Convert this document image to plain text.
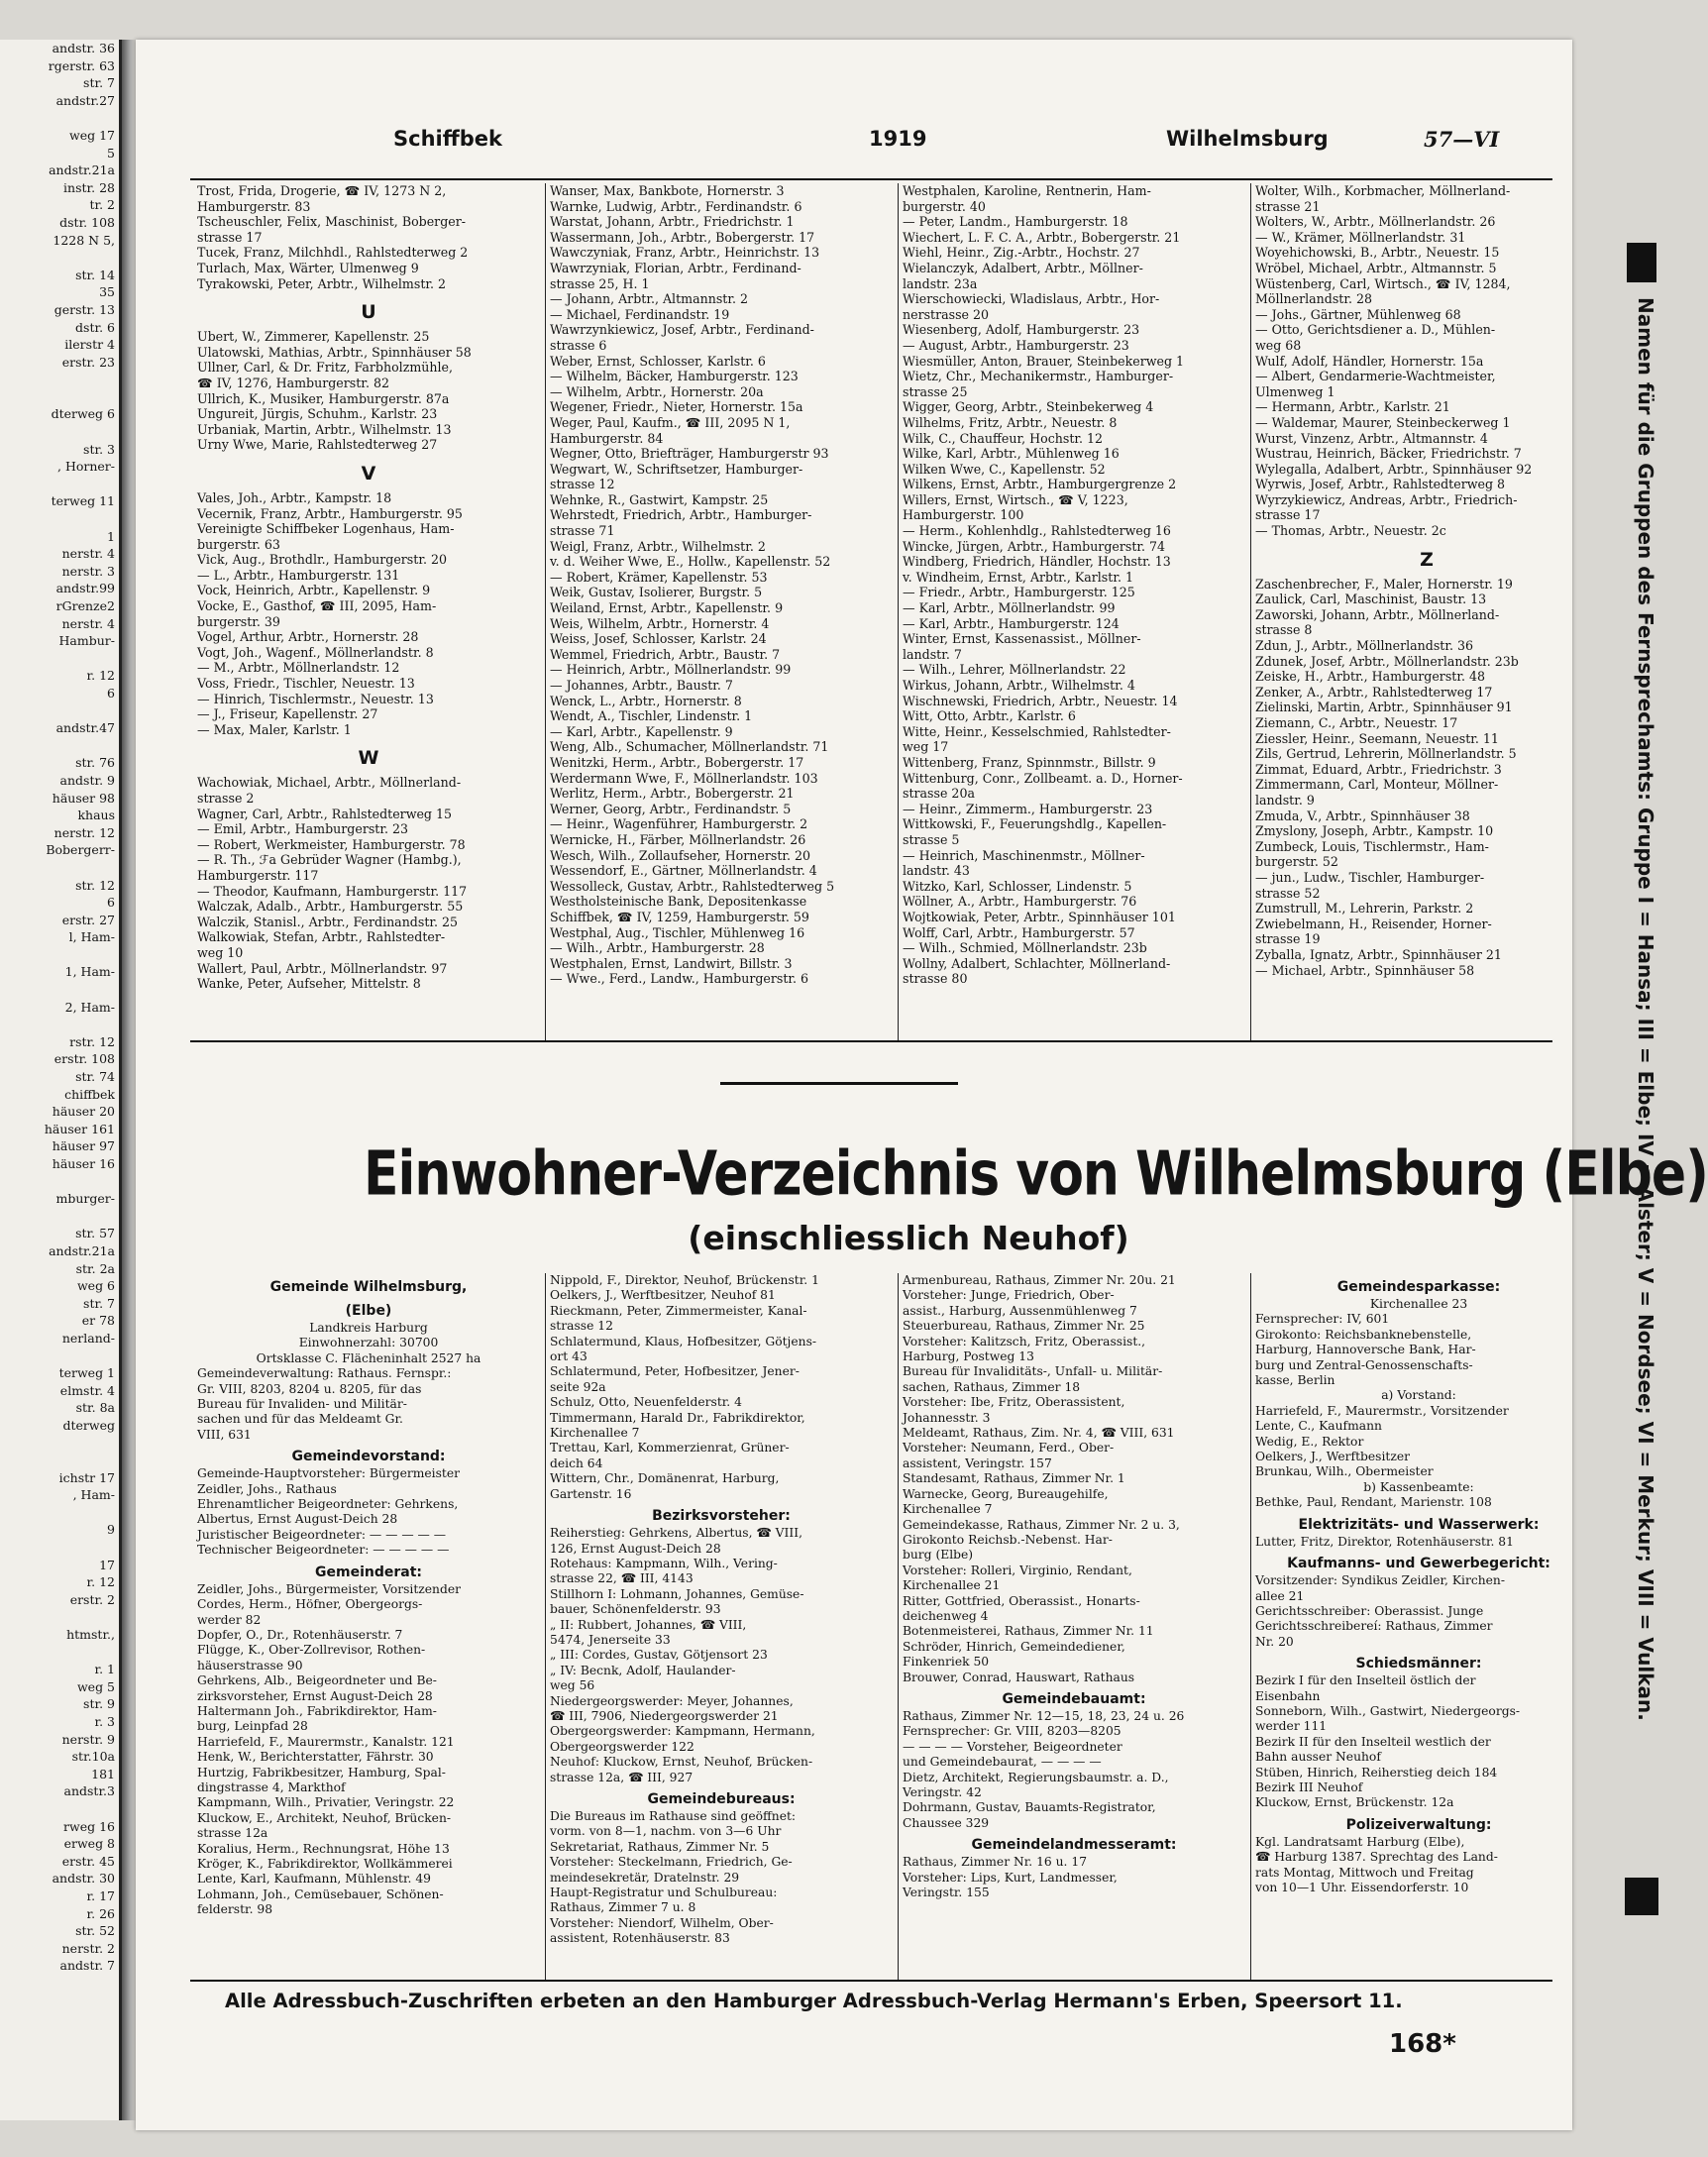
andstr. 36
rgerstr. 63
str. 7
andstr.27

weg 17
5
andstr.21a
instr. 28
tr. 2
dstr. 108
1228 N 5,

str. 14
35
gerstr. 13
dstr. 6
ilerstr 4
erstr. 23

dterweg 6

str. 3
, Horner-

terweg 11

1
nerstr. 4
nerstr. 3
andstr.99
rGrenze2
nerstr. 4
Hambur-

r. 12
6

andstr.47

str. 76
andstr. 9
häuser 98
khaus
nerstr. 12
Bobergerr-

str. 12
6
erstr. 27
l, Ham-

1, Ham-

2, Ham-

rstr. 12
erstr. 108
str. 74
chiffbek
häuser 20
häuser 161
häuser 97
häuser 16

mburger-

str. 57
andstr.21a
str. 2a
weg 6
str. 7
er 78
nerland-

terweg 1
elmstr. 4
str. 8a
dterweg

ichstr 17
, Ham-

9

17
r. 12
erstr. 2

htmstr.,

r. 1
weg 5
str. 9
r. 3
nerstr. 9
str.10a
181
andstr.3

rweg 16
erweg 8
erstr. 45
andstr. 30
r. 17
r. 26
str. 52
nerstr. 2
andstr. 7
Schiffbek	1919	Wilhelmsburg	57—VI
Trost, Frida, Drogerie, ☎ IV, 1273 N 2,
Hamburgerstr. 83
Tscheuschler, Felix, Maschinist, Boberger-
strasse 17
Tucek, Franz, Milchhdl., Rahlstedterweg 2
Turlach, Max, Wärter, Ulmenweg 9
Tyrakowski, Peter, Arbtr., Wilhelmstr. 2
U
Ubert, W., Zimmerer, Kapellenstr. 25
Ulatowski, Mathias, Arbtr., Spinnhäuser 58
Ullner, Carl, & Dr. Fritz, Farbholzmühle,
☎ IV, 1276, Hamburgerstr. 82
Ullrich, K., Musiker, Hamburgerstr. 87a
Ungureit, Jürgis, Schuhm., Karlstr. 23
Urbaniak, Martin, Arbtr., Wilhelmstr. 13
Urny Wwe, Marie, Rahlstedterweg 27
V
Vales, Joh., Arbtr., Kampstr. 18
Vecernik, Franz, Arbtr., Hamburgerstr. 95
Vereinigte Schiffbeker Logenhaus, Ham-
burgerstr. 63
Vick, Aug., Brothdlr., Hamburgerstr. 20
— L., Arbtr., Hamburgerstr. 131
Vock, Heinrich, Arbtr., Kapellenstr. 9
Vocke, E., Gasthof, ☎ III, 2095, Ham-
burgerstr. 39
Vogel, Arthur, Arbtr., Hornerstr. 28
Vogt, Joh., Wagenf., Möllnerlandstr. 8
— M., Arbtr., Möllnerlandstr. 12
Voss, Friedr., Tischler, Neuestr. 13
— Hinrich, Tischlermstr., Neuestr. 13
— J., Friseur, Kapellenstr. 27
— Max, Maler, Karlstr. 1
W
Wachowiak, Michael, Arbtr., Möllnerland-
strasse 2
Wagner, Carl, Arbtr., Rahlstedterweg 15
— Emil, Arbtr., Hamburgerstr. 23
— Robert, Werkmeister, Hamburgerstr. 78
— R. Th., ℱa Gebrüder Wagner (Hambg.),
Hamburgerstr. 117
— Theodor, Kaufmann, Hamburgerstr. 117
Walczak, Adalb., Arbtr., Hamburgerstr. 55
Walczik, Stanisl., Arbtr., Ferdinandstr. 25
Walkowiak, Stefan, Arbtr., Rahlstedter-
weg 10
Wallert, Paul, Arbtr., Möllnerlandstr. 97
Wanke, Peter, Aufseher, Mittelstr. 8
Wanser, Max, Bankbote, Hornerstr. 3
Warnke, Ludwig, Arbtr., Ferdinandstr. 6
Warstat, Johann, Arbtr., Friedrichstr. 1
Wassermann, Joh., Arbtr., Bobergerstr. 17
Wawczyniak, Franz, Arbtr., Heinrichstr. 13
Wawrzyniak, Florian, Arbtr., Ferdinand-
strasse 25, H. 1
— Johann, Arbtr., Altmannstr. 2
— Michael, Ferdinandstr. 19
Wawrzynkiewicz, Josef, Arbtr., Ferdinand-
strasse 6
Weber, Ernst, Schlosser, Karlstr. 6
— Wilhelm, Bäcker, Hamburgerstr. 123
— Wilhelm, Arbtr., Hornerstr. 20a
Wegener, Friedr., Nieter, Hornerstr. 15a
Weger, Paul, Kaufm., ☎ III, 2095 N 1,
Hamburgerstr. 84
Wegner, Otto, Briefträger, Hamburgerstr 93
Wegwart, W., Schriftsetzer, Hamburger-
strasse 12
Wehnke, R., Gastwirt, Kampstr. 25
Wehrstedt, Friedrich, Arbtr., Hamburger-
strasse 71
Weigl, Franz, Arbtr., Wilhelmstr. 2
v. d. Weiher Wwe, E., Hollw., Kapellenstr. 52
— Robert, Krämer, Kapellenstr. 53
Weik, Gustav, Isolierer, Burgstr. 5
Weiland, Ernst, Arbtr., Kapellenstr. 9
Weis, Wilhelm, Arbtr., Hornerstr. 4
Weiss, Josef, Schlosser, Karlstr. 24
Wemmel, Friedrich, Arbtr., Baustr. 7
— Heinrich, Arbtr., Möllnerlandstr. 99
— Johannes, Arbtr., Baustr. 7
Wenck, L., Arbtr., Hornerstr. 8
Wendt, A., Tischler, Lindenstr. 1
— Karl, Arbtr., Kapellenstr. 9
Weng, Alb., Schumacher, Möllnerlandstr. 71
Wenitzki, Herm., Arbtr., Bobergerstr. 17
Werdermann Wwe, F., Möllnerlandstr. 103
Werlitz, Herm., Arbtr., Bobergerstr. 21
Werner, Georg, Arbtr., Ferdinandstr. 5
— Heinr., Wagenführer, Hamburgerstr. 2
Wernicke, H., Färber, Möllnerlandstr. 26
Wesch, Wilh., Zollaufseher, Hornerstr. 20
Wessendorf, E., Gärtner, Möllnerlandstr. 4
Wessolleck, Gustav, Arbtr., Rahlstedterweg 5
Westholsteinische Bank, Depositenkasse
Schiffbek, ☎ IV, 1259, Hamburgerstr. 59
Westphal, Aug., Tischler, Mühlenweg 16
— Wilh., Arbtr., Hamburgerstr. 28
Westphalen, Ernst, Landwirt, Billstr. 3
— Wwe., Ferd., Landw., Hamburgerstr. 6
Westphalen, Karoline, Rentnerin, Ham-
burgerstr. 40
— Peter, Landm., Hamburgerstr. 18
Wiechert, L. F. C. A., Arbtr., Bobergerstr. 21
Wiehl, Heinr., Zig.-Arbtr., Hochstr. 27
Wielanczyk, Adalbert, Arbtr., Möllner-
landstr. 23a
Wierschowiecki, Wladislaus, Arbtr., Hor-
nerstrasse 20
Wiesenberg, Adolf, Hamburgerstr. 23
— August, Arbtr., Hamburgerstr. 23
Wiesmüller, Anton, Brauer, Steinbekerweg 1
Wietz, Chr., Mechanikermstr., Hamburger-
strasse 25
Wigger, Georg, Arbtr., Steinbekerweg 4
Wilhelms, Fritz, Arbtr., Neuestr. 8
Wilk, C., Chauffeur, Hochstr. 12
Wilke, Karl, Arbtr., Mühlenweg 16
Wilken Wwe, C., Kapellenstr. 52
Wilkens, Ernst, Arbtr., Hamburgergrenze 2
Willers, Ernst, Wirtsch., ☎ V, 1223,
Hamburgerstr. 100
— Herm., Kohlenhdlg., Rahlstedterweg 16
Wincke, Jürgen, Arbtr., Hamburgerstr. 74
Windberg, Friedrich, Händler, Hochstr. 13
v. Windheim, Ernst, Arbtr., Karlstr. 1
— Friedr., Arbtr., Hamburgerstr. 125
— Karl, Arbtr., Möllnerlandstr. 99
— Karl, Arbtr., Hamburgerstr. 124
Winter, Ernst, Kassenassist., Möllner-
landstr. 7
— Wilh., Lehrer, Möllnerlandstr. 22
Wirkus, Johann, Arbtr., Wilhelmstr. 4
Wischnewski, Friedrich, Arbtr., Neuestr. 14
Witt, Otto, Arbtr., Karlstr. 6
Witte, Heinr., Kesselschmied, Rahlstedter-
weg 17
Wittenberg, Franz, Spinnmstr., Billstr. 9
Wittenburg, Conr., Zollbeamt. a. D., Horner-
strasse 20a
— Heinr., Zimmerm., Hamburgerstr. 23
Wittkowski, F., Feuerungshdlg., Kapellen-
strasse 5
— Heinrich, Maschinenmstr., Möllner-
landstr. 43
Witzko, Karl, Schlosser, Lindenstr. 5
Wöllner, A., Arbtr., Hamburgerstr. 76
Wojtkowiak, Peter, Arbtr., Spinnhäuser 101
Wolff, Carl, Arbtr., Hamburgerstr. 57
— Wilh., Schmied, Möllnerlandstr. 23b
Wollny, Adalbert, Schlachter, Möllnerland-
strasse 80
Wolter, Wilh., Korbmacher, Möllnerland-
strasse 21
Wolters, W., Arbtr., Möllnerlandstr. 26
— W., Krämer, Möllnerlandstr. 31
Woyehichowski, B., Arbtr., Neuestr. 15
Wröbel, Michael, Arbtr., Altmannstr. 5
Wüstenberg, Carl, Wirtsch., ☎ IV, 1284,
Möllnerlandstr. 28
— Johs., Gärtner, Mühlenweg 68
— Otto, Gerichtsdiener a. D., Mühlen-
weg 68
Wulf, Adolf, Händler, Hornerstr. 15a
— Albert, Gendarmerie-Wachtmeister,
Ulmenweg 1
— Hermann, Arbtr., Karlstr. 21
— Waldemar, Maurer, Steinbeckerweg 1
Wurst, Vinzenz, Arbtr., Altmannstr. 4
Wustrau, Heinrich, Bäcker, Friedrichstr. 7
Wylegalla, Adalbert, Arbtr., Spinnhäuser 92
Wyrwis, Josef, Arbtr., Rahlstedterweg 8
Wyrzykiewicz, Andreas, Arbtr., Friedrich-
strasse 17
— Thomas, Arbtr., Neuestr. 2c
Z
Zaschenbrecher, F., Maler, Hornerstr. 19
Zaulick, Carl, Maschinist, Baustr. 13
Zaworski, Johann, Arbtr., Möllnerland-
strasse 8
Zdun, J., Arbtr., Möllnerlandstr. 36
Zdunek, Josef, Arbtr., Möllnerlandstr. 23b
Zeiske, H., Arbtr., Hamburgerstr. 48
Zenker, A., Arbtr., Rahlstedterweg 17
Zielinski, Martin, Arbtr., Spinnhäuser 91
Ziemann, C., Arbtr., Neuestr. 17
Ziessler, Heinr., Seemann, Neuestr. 11
Zils, Gertrud, Lehrerin, Möllnerlandstr. 5
Zimmat, Eduard, Arbtr., Friedrichstr. 3
Zimmermann, Carl, Monteur, Möllner-
landstr. 9
Zmuda, V., Arbtr., Spinnhäuser 38
Zmyslony, Joseph, Arbtr., Kampstr. 10
Zumbeck, Louis, Tischlermstr., Ham-
burgerstr. 52
— jun., Ludw., Tischler, Hamburger-
strasse 52
Zumstrull, M., Lehrerin, Parkstr. 2
Zwiebelmann, H., Reisender, Horner-
strasse 19
Zyballa, Ignatz, Arbtr., Spinnhäuser 21
— Michael, Arbtr., Spinnhäuser 58
Einwohner-Verzeichnis von Wilhelmsburg (Elbe)
(einschliesslich Neuhof)
Gemeinde Wilhelmsburg,
(Elbe)
Landkreis Harburg
Einwohnerzahl: 30700
Ortsklasse C. Flächeninhalt 2527 ha
Gemeindeverwaltung: Rathaus. Fernspr.:
Gr. VIII, 8203, 8204 u. 8205, für das
Bureau für Invaliden- und Militär-
sachen und für das Meldeamt Gr.
VIII, 631
Gemeindevorstand:
Gemeinde-Hauptvorsteher: Bürgermeister
Zeidler, Johs., Rathaus
Ehrenamtlicher Beigeordneter: Gehrkens,
Albertus, Ernst August-Deich 28
Juristischer Beigeordneter: — — — — —
Technischer Beigeordneter: — — — — —
Gemeinderat:
Zeidler, Johs., Bürgermeister, Vorsitzender
Cordes, Herm., Höfner, Obergeorgs-
werder 82
Dopfer, O., Dr., Rotenhäuserstr. 7
Flügge, K., Ober-Zollrevisor, Rothen-
häuserstrasse 90
Gehrkens, Alb., Beigeordneter und Be-
zirksvorsteher, Ernst August-Deich 28
Haltermann Joh., Fabrikdirektor, Ham-
burg, Leinpfad 28
Harriefeld, F., Maurermstr., Kanalstr. 121
Henk, W., Berichterstatter, Fährstr. 30
Hurtzig, Fabrikbesitzer, Hamburg, Spal-
dingstrasse 4, Markthof
Kampmann, Wilh., Privatier, Veringstr. 22
Kluckow, E., Architekt, Neuhof, Brücken-
strasse 12a
Koralius, Herm., Rechnungsrat, Höhe 13
Kröger, K., Fabrikdirektor, Wollkämmerei
Lente, Karl, Kaufmann, Mühlenstr. 49
Lohmann, Joh., Cemüsebauer, Schönen-
felderstr. 98
Nippold, F., Direktor, Neuhof, Brückenstr. 1
Oelkers, J., Werftbesitzer, Neuhof 81
Rieckmann, Peter, Zimmermeister, Kanal-
strasse 12
Schlatermund, Klaus, Hofbesitzer, Götjens-
ort 43
Schlatermund, Peter, Hofbesitzer, Jener-
seite 92a
Schulz, Otto, Neuenfelderstr. 4
Timmermann, Harald Dr., Fabrikdirektor,
Kirchenallee 7
Trettau, Karl, Kommerzienrat, Grüner-
deich 64
Wittern, Chr., Domänenrat, Harburg,
Gartenstr. 16
Bezirksvorsteher:
Reiherstieg: Gehrkens, Albertus, ☎ VIII,
126, Ernst August-Deich 28
Rotehaus: Kampmann, Wilh., Vering-
strasse 22, ☎ III, 4143
Stillhorn I: Lohmann, Johannes, Gemüse-
bauer, Schönenfelderstr. 93
„ II: Rubbert, Johannes, ☎ VIII,
5474, Jenerseite 33
„ III: Cordes, Gustav, Götjensort 23
„ IV: Becnk, Adolf, Haulander-
weg 56
Niedergeorgswerder: Meyer, Johannes,
☎ III, 7906, Niedergeorgswerder 21
Obergeorgswerder: Kampmann, Hermann,
Obergeorgswerder 122
Neuhof: Kluckow, Ernst, Neuhof, Brücken-
strasse 12a, ☎ III, 927
Gemeindebureaus:
Die Bureaus im Rathause sind geöffnet:
vorm. von 8—1, nachm. von 3—6 Uhr
Sekretariat, Rathaus, Zimmer Nr. 5
Vorsteher: Steckelmann, Friedrich, Ge-
meindesekretär, Dratelnstr. 29
Haupt-Registratur und Schulbureau:
Rathaus, Zimmer 7 u. 8
Vorsteher: Niendorf, Wilhelm, Ober-
assistent, Rotenhäuserstr. 83
Armenbureau, Rathaus, Zimmer Nr. 20u. 21
Vorsteher: Junge, Friedrich, Ober-
assist., Harburg, Aussenmühlenweg 7
Steuerbureau, Rathaus, Zimmer Nr. 25
Vorsteher: Kalitzsch, Fritz, Oberassist.,
Harburg, Postweg 13
Bureau für Invaliditäts-, Unfall- u. Militär-
sachen, Rathaus, Zimmer 18
Vorsteher: Ibe, Fritz, Oberassistent,
Johannesstr. 3
Meldeamt, Rathaus, Zim. Nr. 4, ☎ VIII, 631
Vorsteher: Neumann, Ferd., Ober-
assistent, Veringstr. 157
Standesamt, Rathaus, Zimmer Nr. 1
Warnecke, Georg, Bureaugehilfe,
Kirchenallee 7
Gemeindekasse, Rathaus, Zimmer Nr. 2 u. 3,
Girokonto Reichsb.-Nebenst. Har-
burg (Elbe)
Vorsteher: Rolleri, Virginio, Rendant,
Kirchenallee 21
Ritter, Gottfried, Oberassist., Honarts-
deichenweg 4
Botenmeisterei, Rathaus, Zimmer Nr. 11
Schröder, Hinrich, Gemeindediener,
Finkenriek 50
Brouwer, Conrad, Hauswart, Rathaus
Gemeindebauamt:
Rathaus, Zimmer Nr. 12—15, 18, 23, 24 u. 26
Fernsprecher: Gr. VIII, 8203—8205
— — — — Vorsteher, Beigeordneter
und Gemeindebaurat, — — — —
Dietz, Architekt, Regierungsbaumstr. a. D.,
Veringstr. 42
Dohrmann, Gustav, Bauamts-Registrator,
Chaussee 329
Gemeindelandmesseramt:
Rathaus, Zimmer Nr. 16 u. 17
Vorsteher: Lips, Kurt, Landmesser,
Veringstr. 155
Gemeindesparkasse:
Kirchenallee 23
Fernsprecher: IV, 601
Girokonto: Reichsbanknebenstelle,
Harburg, Hannoversche Bank, Har-
burg und Zentral-Genossenschafts-
kasse, Berlin
a) Vorstand:
Harriefeld, F., Maurermstr., Vorsitzender
Lente, C., Kaufmann
Wedig, E., Rektor
Oelkers, J., Werftbesitzer
Brunkau, Wilh., Obermeister
b) Kassenbeamte:
Bethke, Paul, Rendant, Marienstr. 108
Elektrizitäts- und Wasserwerk:
Lutter, Fritz, Direktor, Rotenhäuserstr. 81
Kaufmanns- und Gewerbegericht:
Vorsitzender: Syndikus Zeidler, Kirchen-
allee 21
Gerichtsschreiber: Oberassist. Junge
Gerichtsschreibereí: Rathaus, Zimmer
Nr. 20
Schiedsmänner:
Bezirk I für den Inselteil östlich der
Eisenbahn
Sonneborn, Wilh., Gastwirt, Niedergeorgs-
werder 111
Bezirk II für den Inselteil westlich der
Bahn ausser Neuhof
Stüben, Hinrich, Reiherstieg deich 184
Bezirk III Neuhof
Kluckow, Ernst, Brückenstr. 12a
Polizeiverwaltung:
Kgl. Landratsamt Harburg (Elbe),
☎ Harburg 1387. Sprechtag des Land-
rats Montag, Mittwoch und Freitag
von 10—1 Uhr. Eissendorferstr. 10
Alle Adressbuch-Zuschriften erbeten an den Hamburger Adressbuch-Verlag Hermann's Erben, Speersort 11.
168*
Namen für die Gruppen des Fernsprechamts: Gruppe I = Hansa; III = Elbe; IV = Alster; V = Nordsee; VI = Merkur; VIII = Vulkan.
